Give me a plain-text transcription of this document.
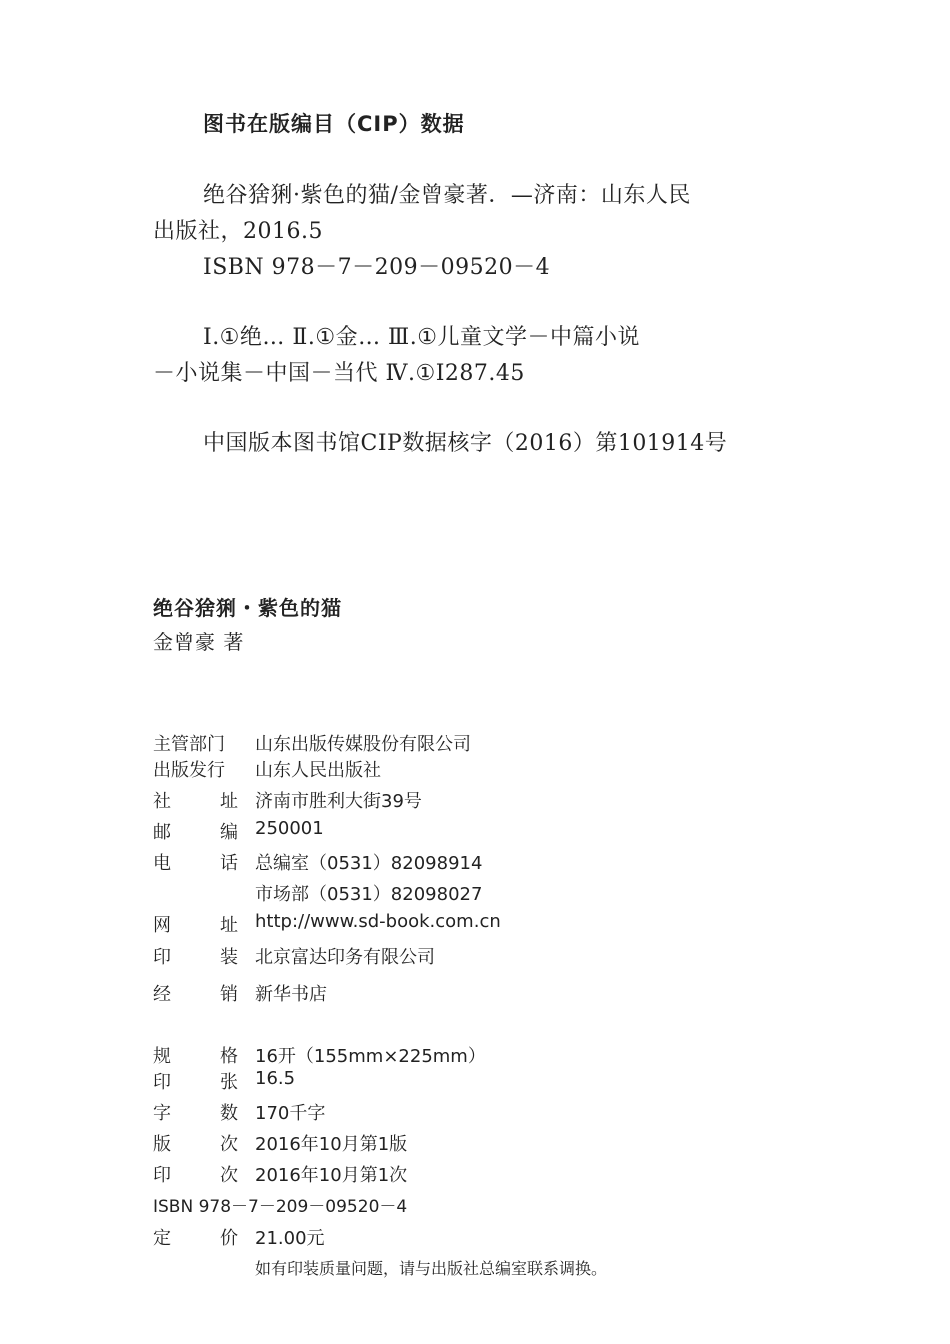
图书在版编目（CIP）数据
绝谷猞猁·紫色的猫/金曾豪著．—济南：山东人民
出版社，2016.5
ISBN 978－7－209－09520－4
Ⅰ.①绝… Ⅱ.①金… Ⅲ.①儿童文学－中篇小说
－小说集－中国－当代 Ⅳ.①I287.45
中国版本图书馆CIP数据核字（2016）第101914号
绝谷猞猁・紫色的猫
金曾豪 著
主管部门	山东出版传媒股份有限公司
出版发行	山东人民出版社
社	址 济南市胜利大街39号
邮	编 250001
电	话 总编室（0531）82098914
市场部（0531）82098027
网	址 http://www.sd-book.com.cn
印	装 北京富达印务有限公司
经	销 新华书店
规	格 16开（155mm×225mm）
印	张 16.5
字	数 170千字
版	次 2016年10月第1版
印	次 2016年10月第1次
ISBN 978－7－209－09520－4
定	价 21.00元
如有印装质量问题，请与出版社总编室联系调换。
